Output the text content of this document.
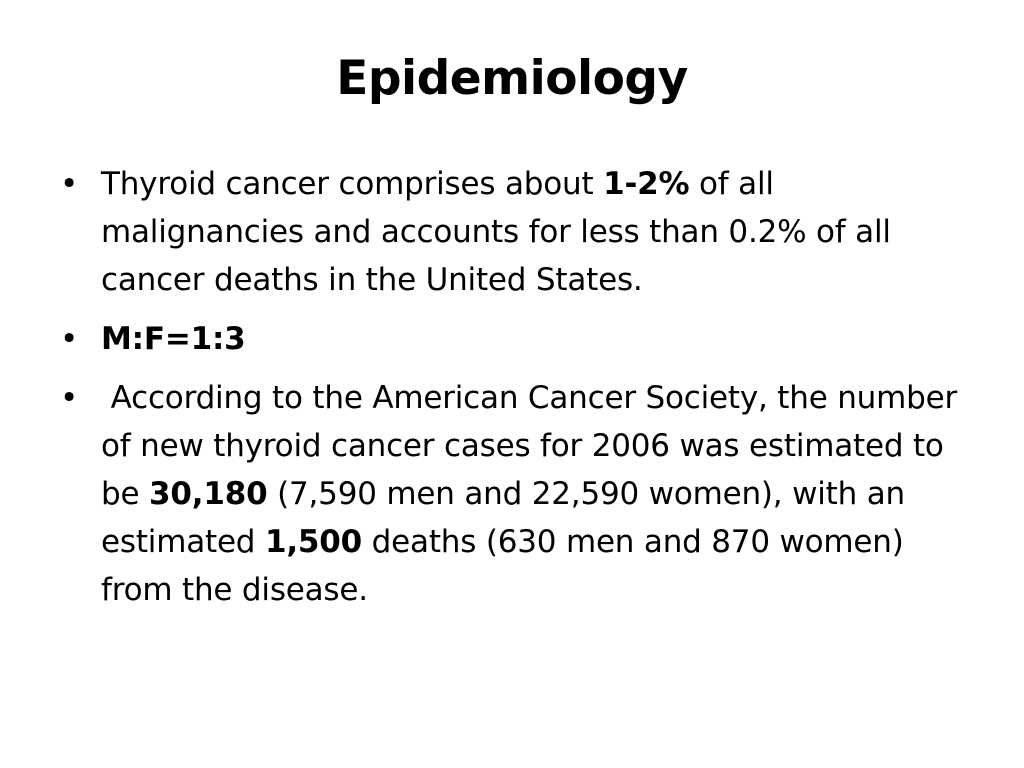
Epidemiology
• Thyroid cancer comprises about 1-2% of all malignancies and accounts for less than 0.2% of all cancer deaths in the United States.
• M:F=1:3
• According to the American Cancer Society, the number of new thyroid cancer cases for 2006 was estimated to be 30,180 (7,590 men and 22,590 women), with an estimated 1,500 deaths (630 men and 870 women) from the disease.
